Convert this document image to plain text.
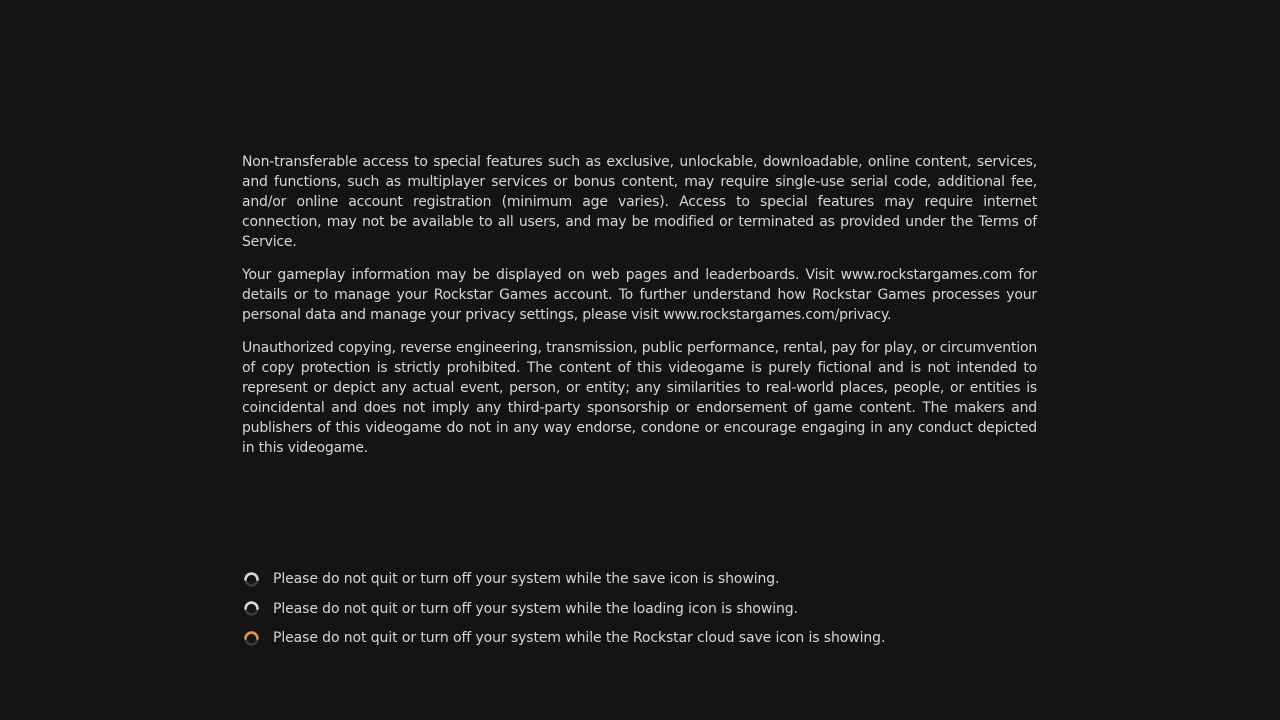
Non-transferable access to special features such as exclusive, unlockable, downloadable, online content, services, and functions, such as multiplayer services or bonus content, may require single-use serial code, additional fee, and/or online account registration (minimum age varies). Access to special features may require internet connection, may not be available to all users, and may be modified or terminated as provided under the Terms of Service.

Your gameplay information may be displayed on web pages and leaderboards. Visit www.rockstargames.com for details or to manage your Rockstar Games account. To further understand how Rockstar Games processes your personal data and manage your privacy settings, please visit www.rockstargames.com/privacy.

Unauthorized copying, reverse engineering, transmission, public performance, rental, pay for play, or circumvention of copy protection is strictly prohibited. The content of this videogame is purely fictional and is not intended to represent or depict any actual event, person, or entity; any similarities to real-world places, people, or entities is coincidental and does not imply any third-party sponsorship or endorsement of game content. The makers and publishers of this videogame do not in any way endorse, condone or encourage engaging in any conduct depicted in this videogame.

Please do not quit or turn off your system while the save icon is showing.
Please do not quit or turn off your system while the loading icon is showing.
Please do not quit or turn off your system while the Rockstar cloud save icon is showing.
